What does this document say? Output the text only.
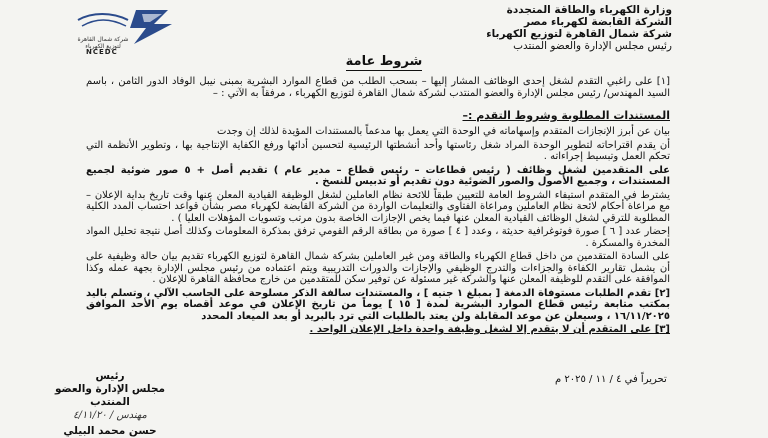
شركة شمال القاهرة لتوزيع الكهرباء
NCEDC
وزارة الكهرباء والطاقة المتجددة
الشركة القابضة لكهرباء مصر
شركة شمال القاهرة لتوزيع الكهرباء
رئيس مجلس الإدارة والعضو المنتدب
شروط عامة
[١] على راغبي التقدم لشغل إحدى الوظائف المشار إليها – بسحب الطلب من قطاع الموارد البشرية بمبنى نيبل الوفاد الدور الثامن ، باسم السيد المهندس/ رئيس مجلس الإدارة والعضو المنتدب لشركة شمال القاهرة لتوزيع الكهرباء ، مرفقاً به الآتي : –
المستندات المطلوبة وشروط التقدم :–

بيان عن أبرز الإنجازات المتقدم وإسهاماته في الوحدة التي يعمل بها مدعماً بالمستندات المؤيدة لذلك إن وجدت

أن يقدم اقتراحاته لتطوير الوحدة المراد شغل رئاستها وأحد أنشطتها الرئيسية لتحسين أدائها ورفع الكفاية الإنتاجية بها ، وتطوير الأنظمة التي تحكم العمل وتبسيط إجراءاته .

على المتقدمين لشغل وظائف ( رئيس قطاعات – رئيس قطاع – مدير عام ) تقديم أصل + ٥ صور ضوئية لجميع المستندات ، وجميع الأصول والصور الضوئية دون تقديم أو تدبيس للنسخ .

يشترط في المتقدم استيفاء الشروط العامة للتعيين طبقاً للائحة نظام العاملين لشغل الوظيفة القيادية المعلن عنها وقت تاريخ بداية الإعلان – مع مراعاة أحكام لائحة نظام العاملين ومراعاة الفتاوى والتعليمات الواردة من الشركة القابضة لكهرباء مصر بشأن قواعد احتساب المدد الكلية المطلوبة للترقي لشغل الوظائف القيادية المعلن عنها فيما يخص الإجازات الخاصة بدون مرتب وتسويات المؤهلات العليا ) .

إحضار عدد [ ٦ ] صورة فوتوغرافية حديثة ، وعدد [ ٤ ] صورة من بطاقة الرقم القومي ترفق بمذكرة المعلومات وكذلك أصل نتيجة تحليل المواد المخدرة والمسكرة .

على السادة المتقدمين من داخل قطاع الكهرباء والطاقة ومن غير العاملين بشركة شمال القاهرة لتوزيع الكهرباء تقديم بيان حالة وظيفية على أن يشمل تقارير الكفاءة والجزاءات والتدرج الوظيفي والإجازات والدورات التدريبية ويتم اعتماده من رئيس مجلس الإدارة بجهة عمله وكذا الموافقة على التقدم للوظيفة المعلن عنها والشركة غير مسئولة عن توفير سكن للمتقدمين من خارج محافظة القاهرة للإعلان .

[٢] تقدم الطلبات مستوفاة الدمغة [ بمبلغ ١ جنيه ] ، والمستندات سالفة الذكر مسلوحة على الحاسب الآلي ، وتسلم باليد بمكتب متابعة رئيس قطاع الموارد البشرية لمدة [ ١٥ ] يوماً من تاريخ الإعلان في موعد أقصاه يوم الأحد الموافق ١٦/١١/٢٠٢٥ ، وسيعلن عن موعد المقابلة ولن يعتد بالطلبات التي ترد بالبريد أو بعد الميعاد المحدد

[٣] على المتقدم أن لا يتقدم إلا لشغل وظيفة واحدة داخل الإعلان الواحد .

تحريراً في ٤ / ١١ / ٢٠٢٥ م
رئيس
مجلس الإدارة والعضو المنتدب
مهندس / ٤/١١/٢٠
حسن محمد البيلي
